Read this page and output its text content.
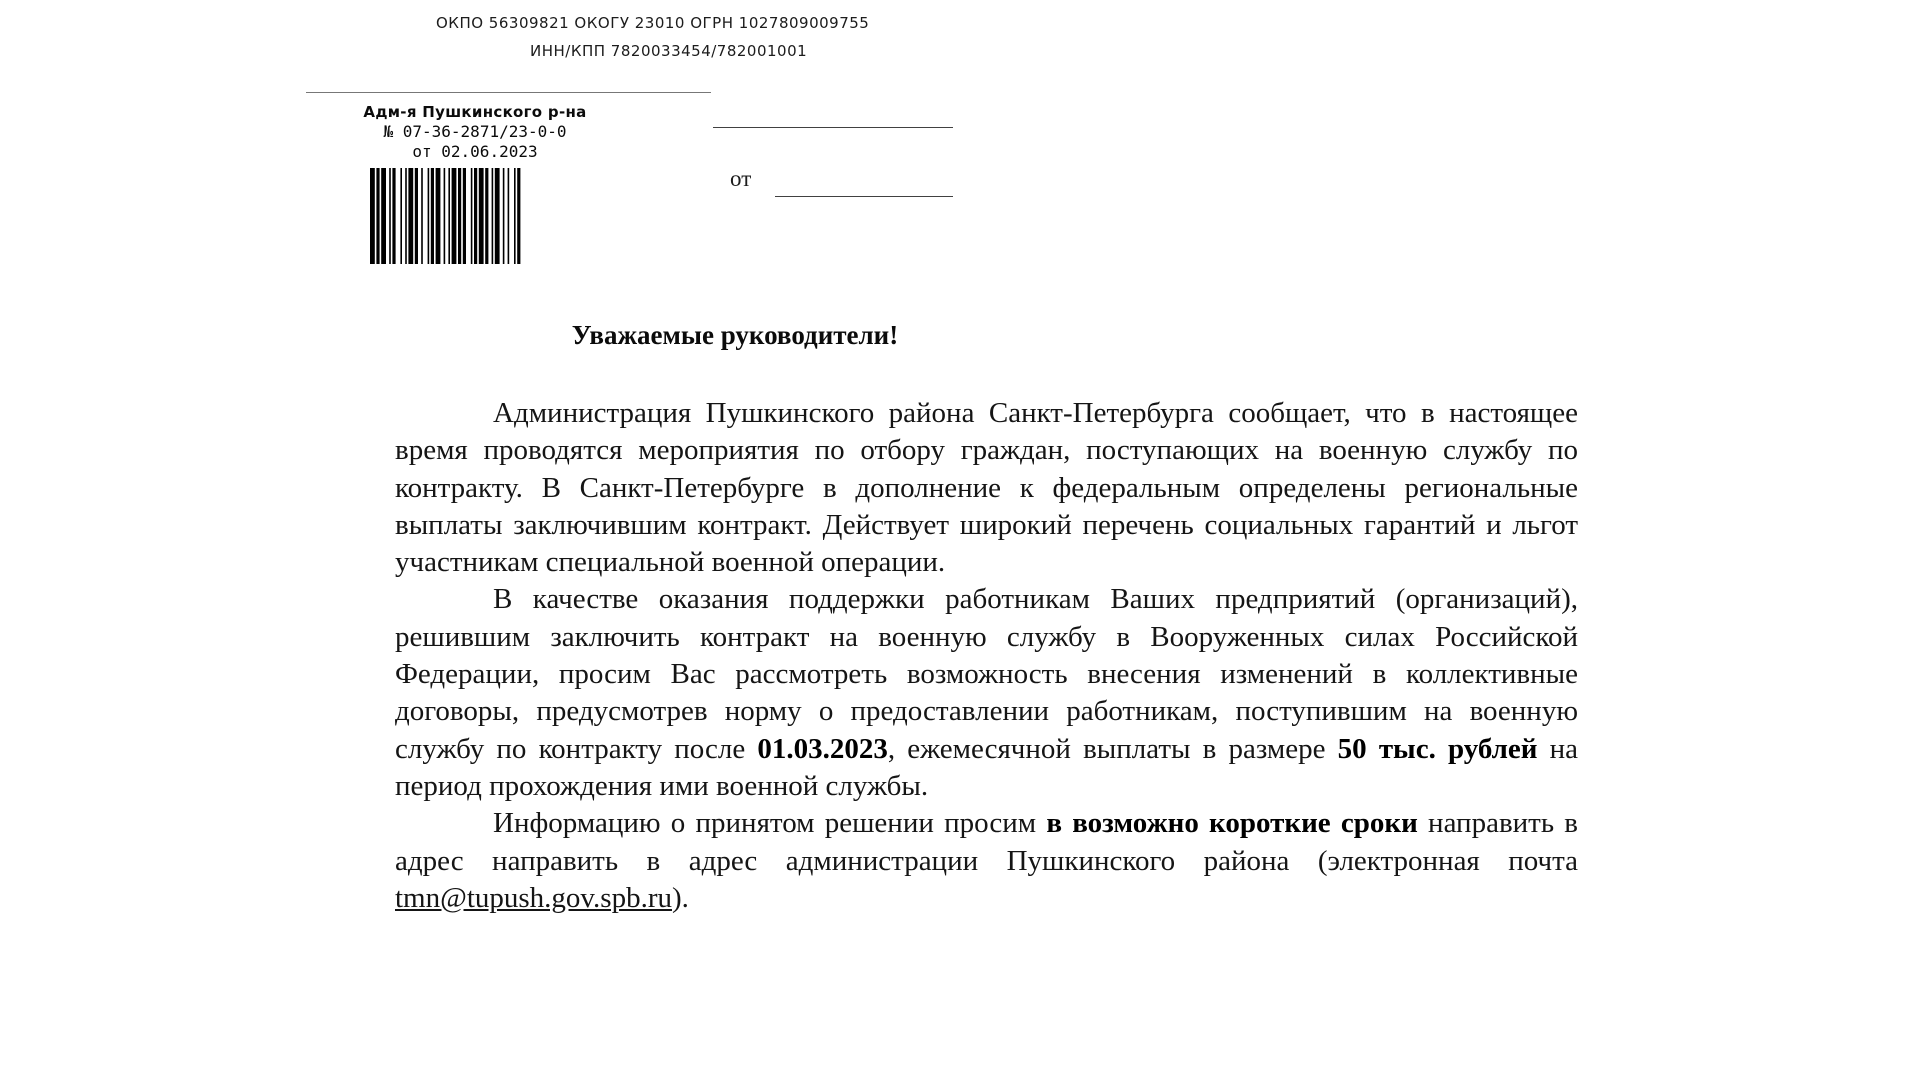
ОКПО 56309821 ОКОГУ 23010 ОГРН 1027809009755
ИНН/КПП 7820033454/782001001
Адм-я Пушкинского р-на
№ 07-36-2871/23-0-0
от 02.06.2023
от
Уважаемые руководители!

Администрация Пушкинского района Санкт-Петербурга сообщает, что в настоящее время проводятся мероприятия по отбору граждан, поступающих на военную службу по контракту. В Санкт-Петербурге в дополнение к федеральным определены региональные выплаты заключившим контракт. Действует широкий перечень социальных гарантий и льгот участникам специальной военной операции.

В качестве оказания поддержки работникам Ваших предприятий (организаций), решившим заключить контракт на военную службу в Вооруженных силах Российской Федерации, просим Вас рассмотреть возможность внесения изменений в коллективные договоры, предусмотрев норму о предоставлении работникам, поступившим на военную службу по контракту после 01.03.2023, ежемесячной выплаты в размере 50 тыс. рублей на период прохождения ими военной службы.

Информацию о принятом решении просим в возможно короткие сроки направить в адрес направить в адрес администрации Пушкинского района (электронная почта tmn@tupush.gov.spb.ru).
